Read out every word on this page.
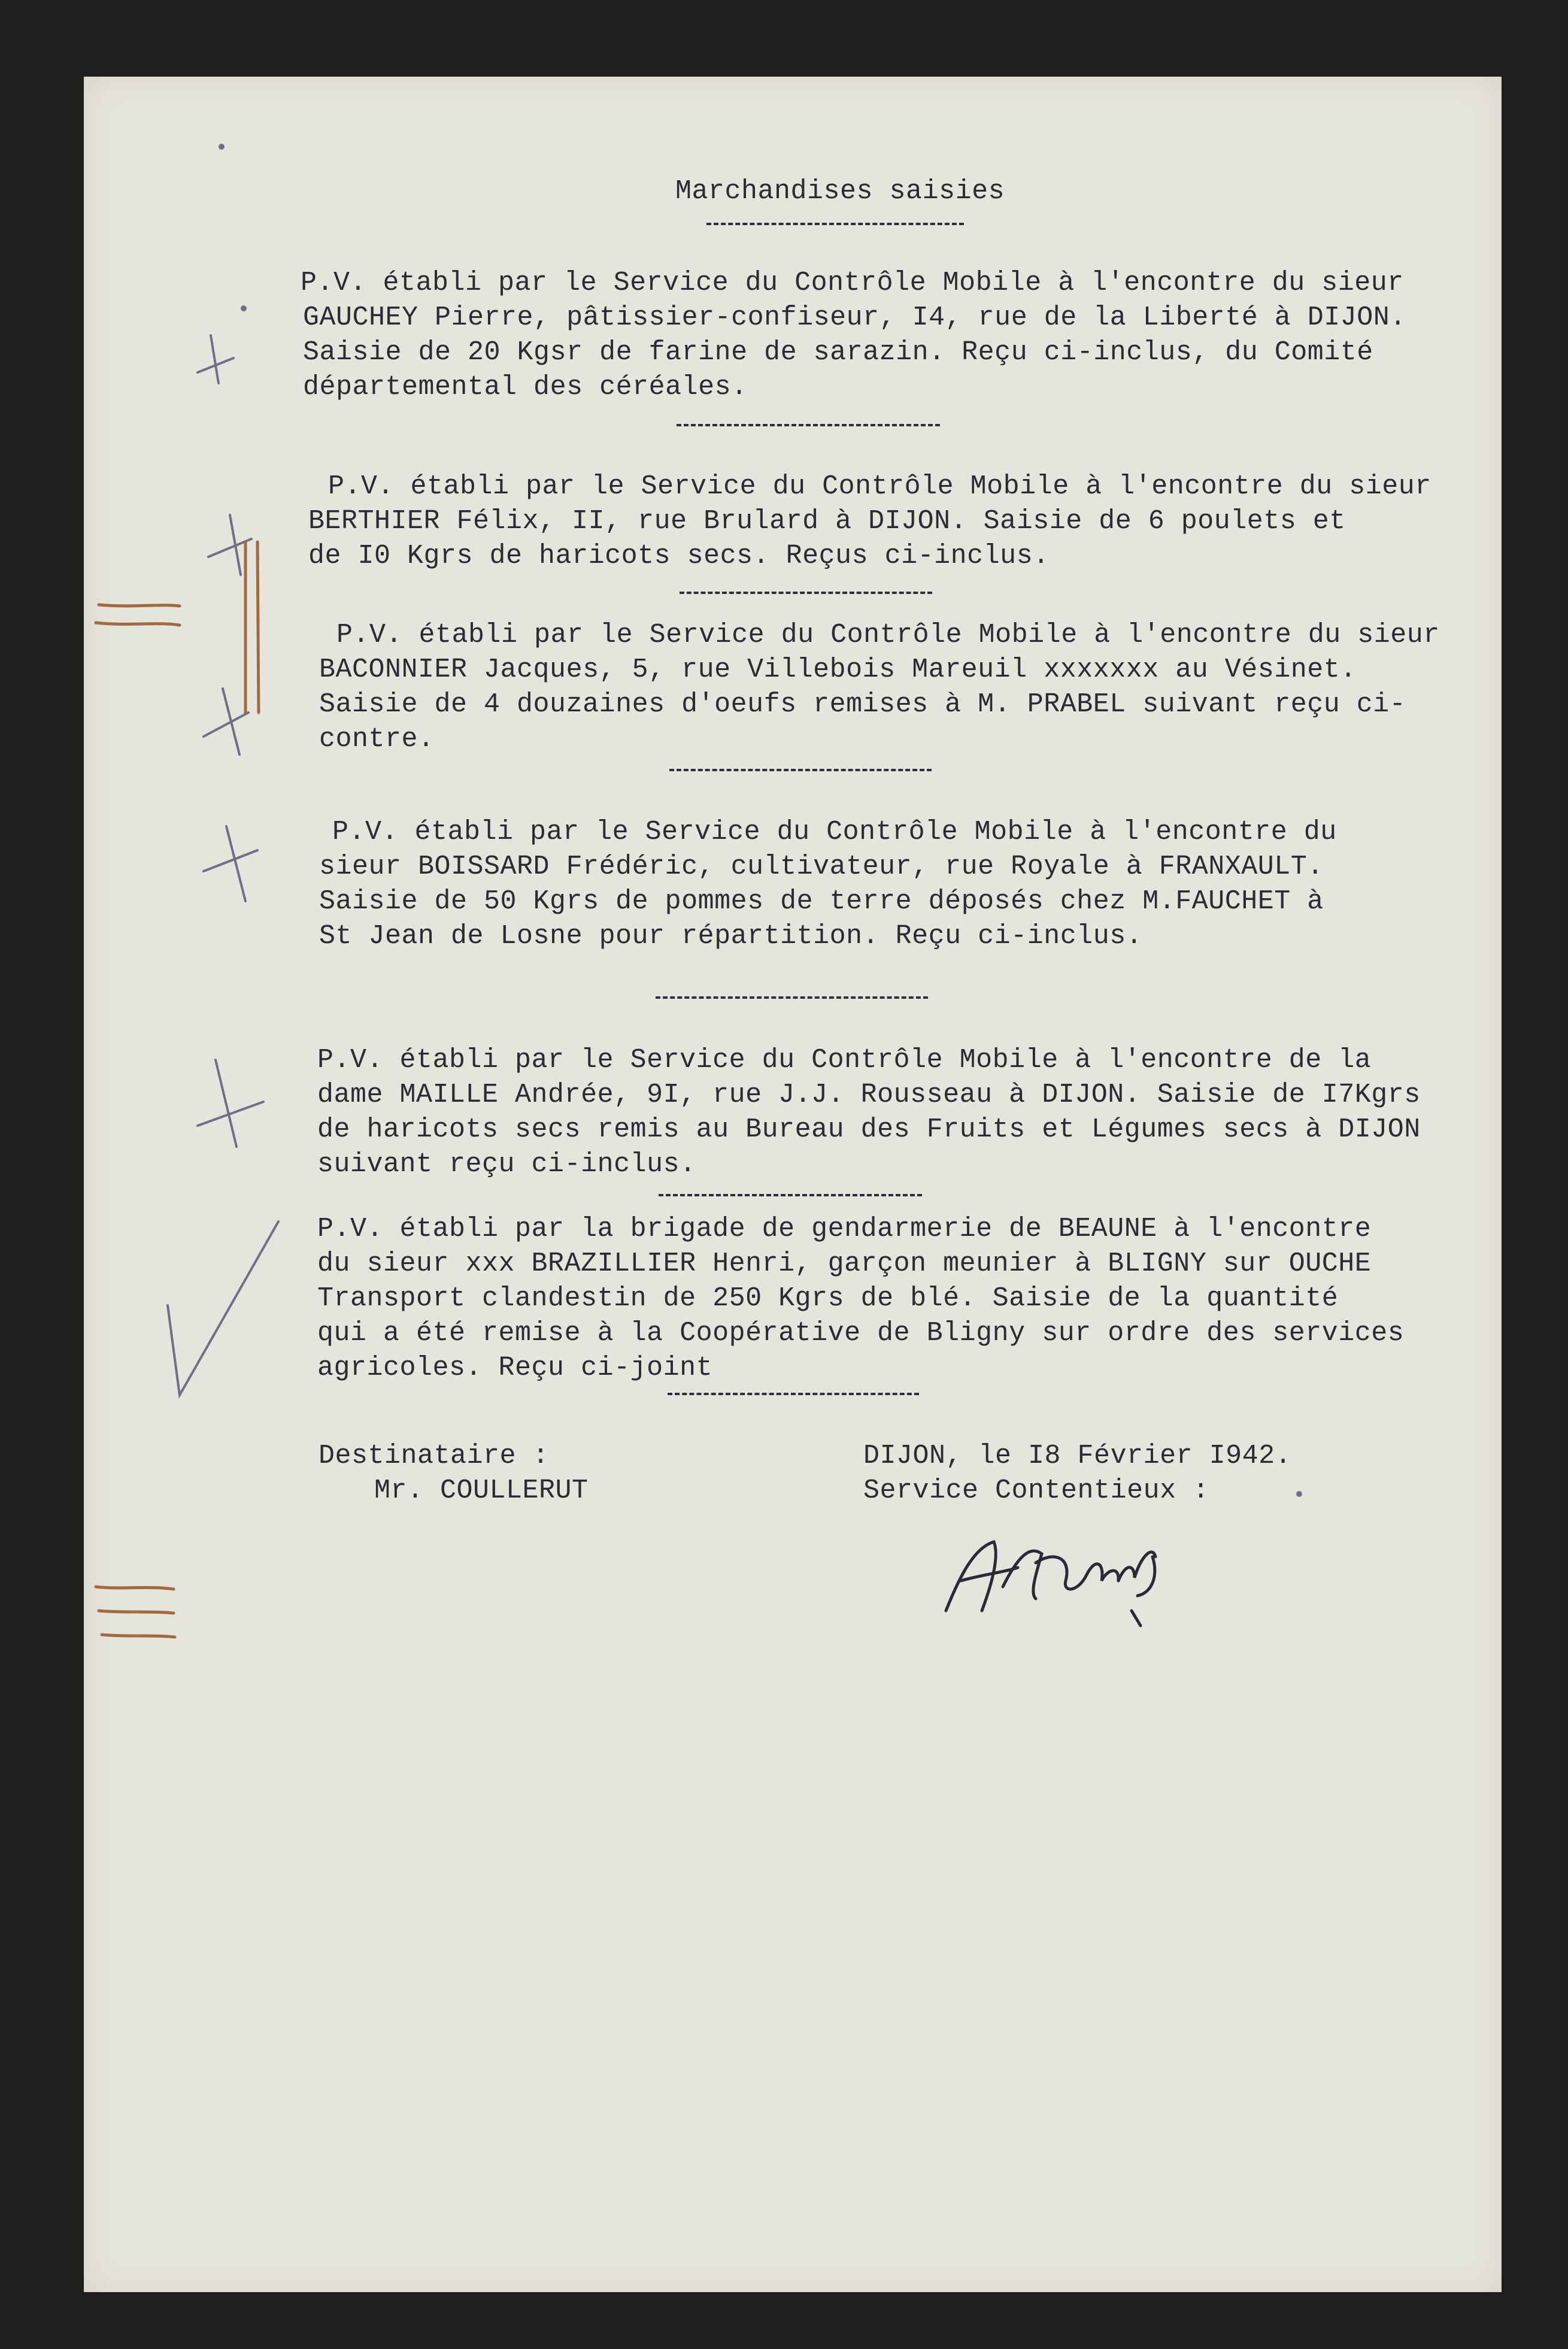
Marchandises saisies
P.V. établi par le Service du Contrôle Mobile à l'encontre du sieur
GAUCHEY Pierre, pâtissier-confiseur, I4, rue de la Liberté à DIJON.
Saisie de 20 Kgsr de farine de sarazin. Reçu ci-inclus, du Comité
départemental des céréales.
P.V. établi par le Service du Contrôle Mobile à l'encontre du sieur
BERTHIER Félix, II, rue Brulard à DIJON. Saisie de 6 poulets et
de I0 Kgrs de haricots secs. Reçus ci-inclus.
P.V. établi par le Service du Contrôle Mobile à l'encontre du sieur
BACONNIER Jacques, 5, rue Villebois Mareuil xxxxxxx au Vésinet.
Saisie de 4 douzaines d'oeufs remises à M. PRABEL suivant reçu ci-
contre.
P.V. établi par le Service du Contrôle Mobile à l'encontre du
sieur BOISSARD Frédéric, cultivateur, rue Royale à FRANXAULT.
Saisie de 50 Kgrs de pommes de terre déposés chez M.FAUCHET à
St Jean de Losne pour répartition. Reçu ci-inclus.
P.V. établi par le Service du Contrôle Mobile à l'encontre de la
dame MAILLE Andrée, 9I, rue J.J. Rousseau à DIJON. Saisie de I7Kgrs
de haricots secs remis au Bureau des Fruits et Légumes secs à DIJON
suivant reçu ci-inclus.
P.V. établi par la brigade de gendarmerie de BEAUNE à l'encontre
du sieur xxx BRAZILLIER Henri, garçon meunier à BLIGNY sur OUCHE
Transport clandestin de 250 Kgrs de blé. Saisie de la quantité
qui a été remise à la Coopérative de Bligny sur ordre des services
agricoles. Reçu ci-joint
Destinataire :
Mr. COULLERUT
DIJON, le I8 Février I942.
Service Contentieux :
